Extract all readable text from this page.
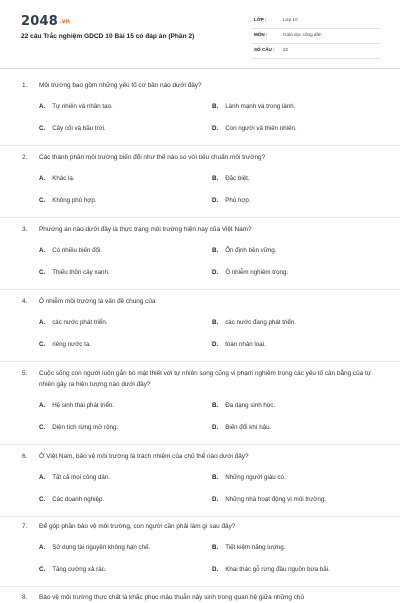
2048.vn
22 câu Trắc nghiệm GDCD 10 Bài 15 có đáp án (Phần 2)
LỚP :	Lớp 10
MÔN :	Giáo dục công dân
SỐ CÂU : 22
1.	Môi trường bao gồm những yếu tố cơ bản nào dưới đây?
A. Tự nhiên và nhân tạo.	B. Lành mạnh và trong lành.
C. Cây cối và bầu trời.	D. Con người và thiên nhiên.
2.	Các thành phần môi trường biến đổi như thế nào so với tiêu chuẩn môi trường?
A. Khác lạ.	B. Đặc biệt.
C. Không phù hợp.	D. Phù hợp.
3.	Phương án nào dưới đây là thực trạng môi trường hiện nay của Việt Nam?
A. Có nhiều biến đổi.	B. Ổn định bền vững.
C. Thiếu thốn cây xanh.	D. Ô nhiễm nghiêm trọng.
4.	Ô nhiễm môi trường là vấn đề chung của
A. các nước phát triển.	B. các nước đang phát triển.
C. riêng nước ta.	D. toàn nhân loại.
5.	Cuộc sống con người luôn gắn bó mật thiết với tự nhiên song cũng vi phạm nghiêm trọng các yếu tố cân bằng của tự nhiên gây ra hiện tượng nào dưới đây?
A. Hệ sinh thái phát triển.	B. Đa dạng sinh học.
C. Diện tích rừng mở rộng.	D. Biến đổi khí hậu.
6.	Ở Việt Nam, bảo vệ môi trường là trách nhiệm của chủ thể nào dưới đây?
A. Tất cả mọi công dân.	B. Những người giàu có.
C. Các doanh nghiệp.	D. Những nhà hoạt động vì môi trường.
7.	Để góp phần bảo vệ môi trường, con người cần phải làm gì sau đây?
A. Sử dụng tài nguyên không hạn chế.	B. Tiết kiệm năng lượng.
C. Tăng cường xả rác.	D. Khai thác gỗ rừng đầu nguồn bừa bãi.
8.	Bảo vệ môi trường thực chất là khắc phục mâu thuẫn nảy sinh trong quan hệ giữa những chủ
